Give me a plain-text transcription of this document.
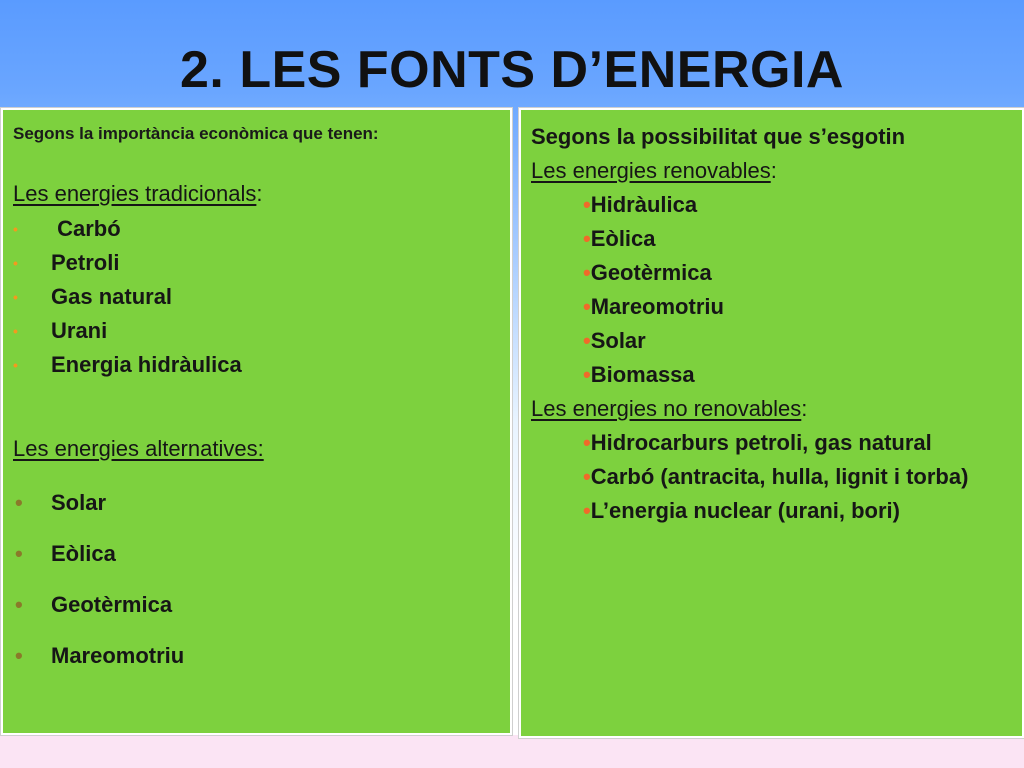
2. LES FONTS D’ENERGIA
Segons la importància econòmica que tenen:
Les energies tradicionals:
•  Carbó
• Petroli
• Gas natural
• Urani
• Energia hidràulica
Les energies alternatives:
• Solar
• Eòlica
• Geotèrmica
• Mareomotriu
Segons la possibilitat que s’esgotin
Les energies renovables:
•Hidràulica
•Eòlica
•Geotèrmica
•Mareomotriu
•Solar
•Biomassa
Les energies no renovables:
•Hidrocarburs petroli, gas natural
•Carbó (antracita, hulla, lignit i torba)
•L’energia nuclear (urani, bori)
